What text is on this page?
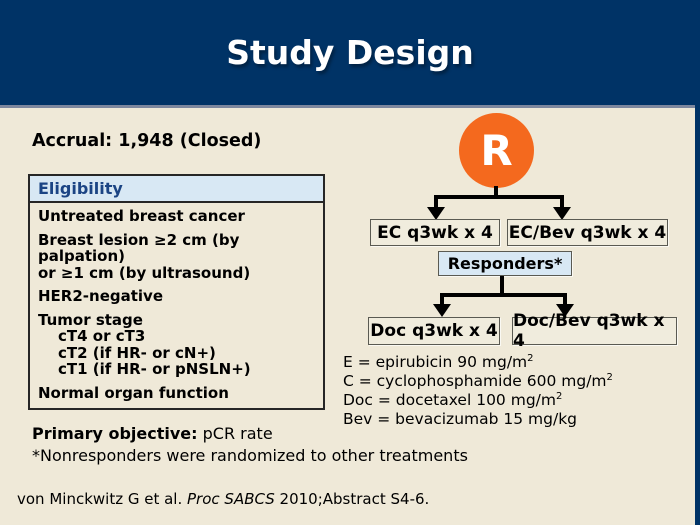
Study Design
Accrual: 1,948 (Closed)
Eligibility
Untreated breast cancer
Breast lesion ≥2 cm (by palpation)
or ≥1 cm (by ultrasound)
HER2-negative
Tumor stage
cT4 or cT3
cT2 (if HR- or cN+)
cT1 (if HR- or pNSLN+)
Normal organ function
R
EC q3wk x 4 EC/Bev q3wk x 4
Responders*
Doc q3wk x 4 Doc/Bev q3wk x 4
E = epirubicin 90 $mg/m^2$
C = cyclophosphamide 600 $mg/m^2$
Doc = docetaxel 100 $mg/m^2$
Bev = bevacizumab 15 mg/kg
Primary objective: pCR rate
*Nonresponders were randomized to other treatments
von Minckwitz G et al. Proc SABCS 2010;Abstract S4-6.
